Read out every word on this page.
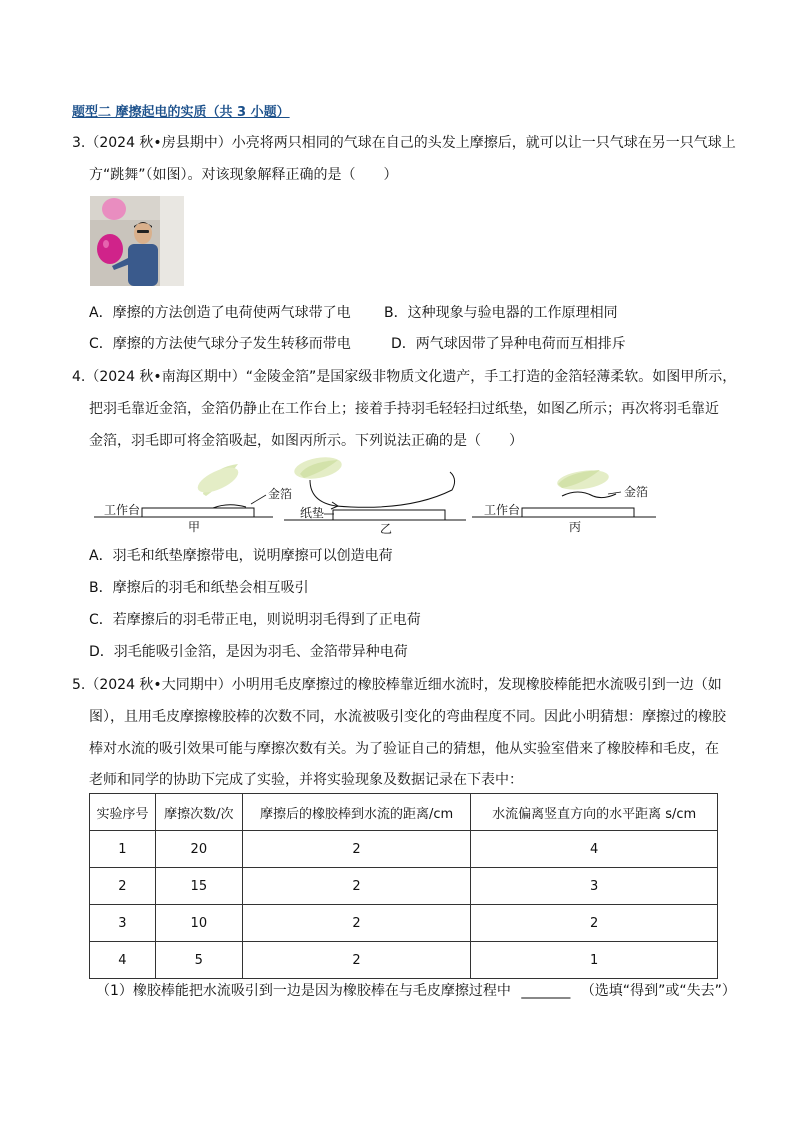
题型二 摩擦起电的实质（共 3 小题）
3.（2024 秋•房县期中）小亮将两只相同的气球在自己的头发上摩擦后，就可以让一只气球在另一只气球上
方“跳舞”（如图）。对该现象解释正确的是（　　）
A．摩擦的方法创造了电荷使两气球带了电 B．这种现象与验电器的工作原理相同
C．摩擦的方法使气球分子发生转移而带电	D．两气球因带了异种电荷而互相排斥
4.（2024 秋•南海区期中）“金陵金箔”是国家级非物质文化遗产，手工打造的金箔轻薄柔软。如图甲所示，
把羽毛靠近金箔，金箔仍静止在工作台上；接着手持羽毛轻轻扫过纸垫，如图乙所示；再次将羽毛靠近
金箔，羽毛即可将金箔吸起，如图丙所示。下列说法正确的是（　　）
工作台
金箔
甲
纸垫
乙
工作台
金箔
丙
A．羽毛和纸垫摩擦带电，说明摩擦可以创造电荷
B．摩擦后的羽毛和纸垫会相互吸引
C．若摩擦后的羽毛带正电，则说明羽毛得到了正电荷
D．羽毛能吸引金箔，是因为羽毛、金箔带异种电荷
5.（2024 秋•大同期中）小明用毛皮摩擦过的橡胶棒靠近细水流时，发现橡胶棒能把水流吸引到一边（如
图），且用毛皮摩擦橡胶棒的次数不同，水流被吸引变化的弯曲程度不同。因此小明猜想：摩擦过的橡胶
棒对水流的吸引效果可能与摩擦次数有关。为了验证自己的猜想，他从实验室借来了橡胶棒和毛皮，在
老师和同学的协助下完成了实验，并将实验现象及数据记录在下表中：
实验序号	摩擦次数/次	摩擦后的橡胶棒到水流的距离/cm	水流偏离竖直方向的水平距离 s/cm
1	20	2	4
2	15	2	3
3	10	2	2
4	5	2	1
（1）橡胶棒能把水流吸引到一边是因为橡胶棒在与毛皮摩擦过程中 _______ （选填“得到”或“失去”）
